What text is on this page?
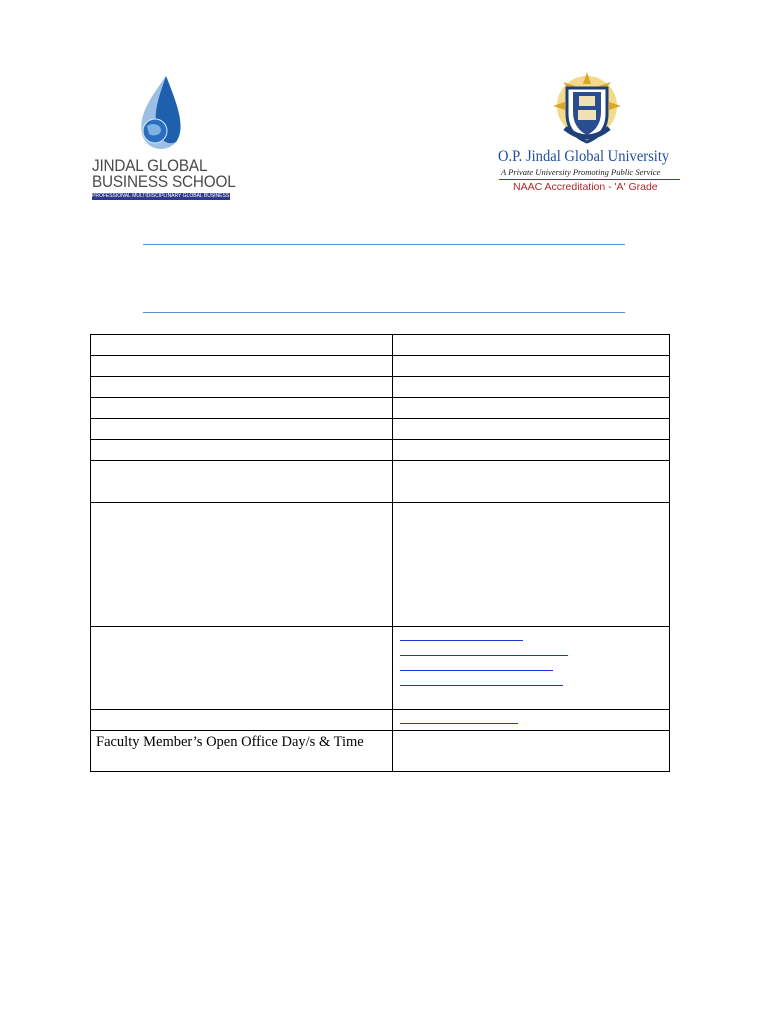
JINDAL GLOBAL
BUSINESS SCHOOL
PROFESSIONAL MULTIDISCIPLINARY GLOBAL BUSINESS SCHOOL
O.P. Jindal Global University
A Private University Promoting Public Service
NAAC Accreditation - 'A' Grade

Faculty Member’s Open Office Day/s & Time	
